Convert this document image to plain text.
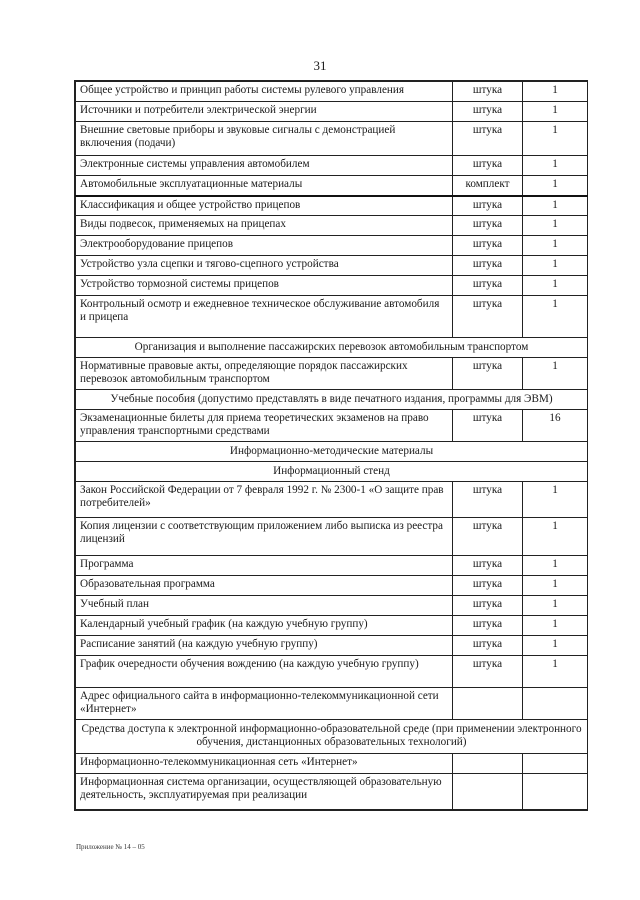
31
Общее устройство и принцип работы системы рулевого управления	штука	1
Источники и потребители электрической энергии	штука	1
Внешние световые приборы и звуковые сигналы с демонстрацией включения (подачи)	штука	1
Электронные системы управления автомобилем	штука	1
Автомобильные эксплуатационные материалы	комплект	1
Классификация и общее устройство прицепов	штука	1
Виды подвесок, применяемых на прицепах	штука	1
Электрооборудование прицепов	штука	1
Устройство узла сцепки и тягово-сцепного устройства	штука	1
Устройство тормозной системы прицепов	штука	1
Контрольный осмотр и ежедневное техническое обслуживание автомобиля и прицепа	штука	1
Организация и выполнение пассажирских перевозок автомобильным транспортом		
Нормативные правовые акты, определяющие порядок пассажирских перевозок автомобильным транспортом	штука	1
Учебные пособия (допустимо представлять в виде печатного издания, программы для ЭВМ)		
Экзаменационные билеты для приема теоретических экзаменов на право управления транспортными средствами	штука	16
Информационно-методические материалы		
Информационный стенд		
Закон Российской Федерации от 7 февраля 1992 г. № 2300-1 «О защите прав потребителей»	штука	1
Копия лицензии с соответствующим приложением либо выписка из реестра лицензий	штука	1
Программа	штука	1
Образовательная программа	штука	1
Учебный план	штука	1
Календарный учебный график (на каждую учебную группу)	штука	1
Расписание занятий (на каждую учебную группу)	штука	1
График очередности обучения вождению (на каждую учебную группу)	штука	1
Адрес официального сайта в информационно-телекоммуникационной сети «Интернет»		
Средства доступа к электронной информационно-образовательной среде (при применении электронного обучения, дистанционных образовательных технологий)		
Информационно-телекоммуникационная сеть «Интернет»		
Информационная система организации, осуществляющей образовательную деятельность, эксплуатируемая при реализации		
Приложение № 14 – 05
